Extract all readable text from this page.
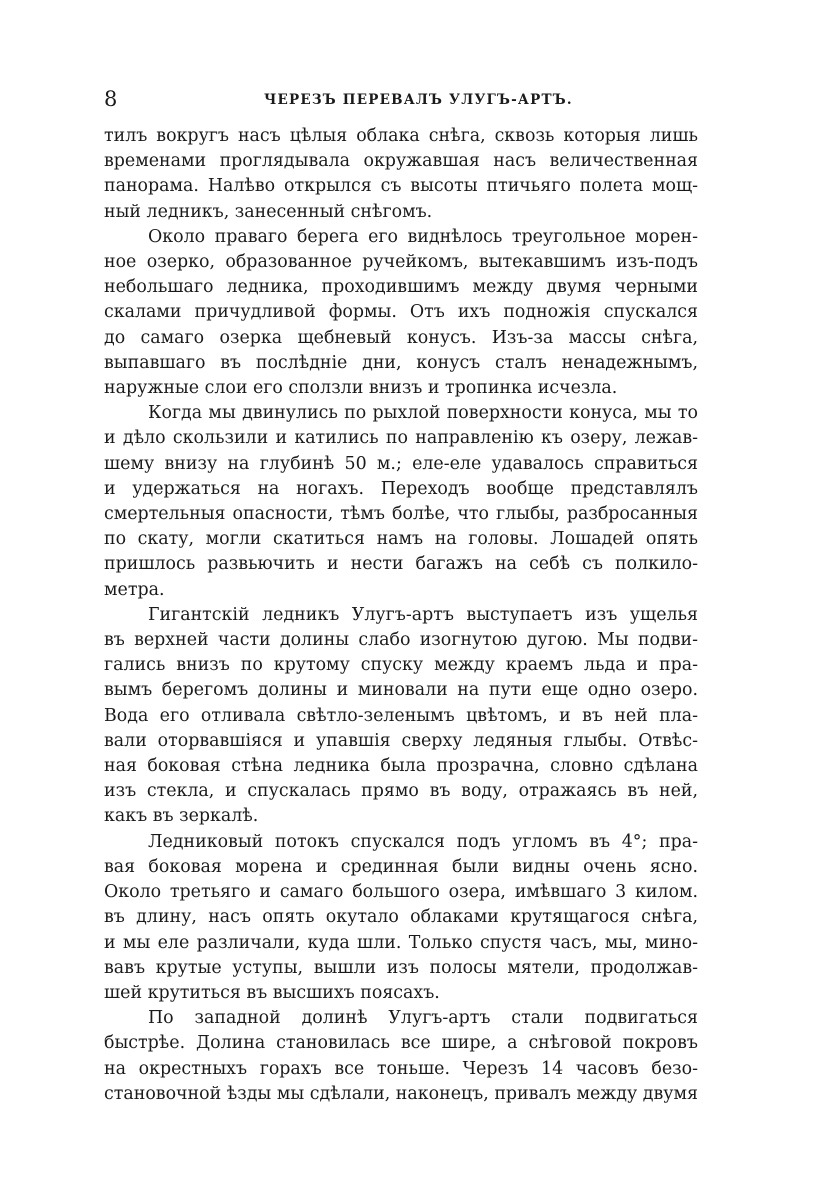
8	ЧЕРЕЗЪ ПЕРЕВАЛЪ УЛУГЪ-АРТЪ.
тилъ вокругъ насъ цѣлыя облака снѣга, сквозь которыя лишь
временами проглядывала окружавшая насъ величественная
панорама. Налѣво открылся съ высоты птичьяго полета мощ-
ный ледникъ, занесенный снѣгомъ.
Около праваго берега его виднѣлось треугольное морен-
ное озерко, образованное ручейкомъ, вытекавшимъ изъ-подъ
небольшаго ледника, проходившимъ между двумя черными
скалами причудливой формы. Отъ ихъ подножія спускался
до самаго озерка щебневый конусъ. Изъ-за массы снѣга,
выпавшаго въ послѣдніе дни, конусъ сталъ ненадежнымъ,
наружные слои его сползли внизъ и тропинка исчезла.
Когда мы двинулись по рыхлой поверхности конуса, мы то
и дѣло скользили и катились по направленію къ озеру, лежав-
шему внизу на глубинѣ 50 м.; еле-еле удавалось справиться
и удержаться на ногахъ. Переходъ вообще представлялъ
смертельныя опасности, тѣмъ болѣе, что глыбы, разбросанныя
по скату, могли скатиться намъ на головы. Лошадей опять
пришлось развьючить и нести багажъ на себѣ съ полкило-
метра.
Гигантскій ледникъ Улугъ-артъ выступаетъ изъ ущелья
въ верхней части долины слабо изогнутою дугою. Мы подви-
гались внизъ по крутому спуску между краемъ льда и пра-
вымъ берегомъ долины и миновали на пути еще одно озеро.
Вода его отливала свѣтло-зеленымъ цвѣтомъ, и въ ней пла-
вали оторвавшіяся и упавшія сверху ледяныя глыбы. Отвѣс-
ная боковая стѣна ледника была прозрачна, словно сдѣлана
изъ стекла, и спускалась прямо въ воду, отражаясь въ ней,
какъ въ зеркалѣ.
Ледниковый потокъ спускался подъ угломъ въ 4°; пра-
вая боковая морена и срединная были видны очень ясно.
Около третьяго и самаго большого озера, имѣвшаго 3 килом.
въ длину, насъ опять окутало облаками крутящагося снѣга,
и мы еле различали, куда шли. Только спустя часъ, мы, мино-
вавъ крутые уступы, вышли изъ полосы мятели, продолжав-
шей крутиться въ высшихъ поясахъ.
По западной долинѣ Улугъ-артъ стали подвигаться
быстрѣе. Долина становилась все шире, а снѣговой покровъ
на окрестныхъ горахъ все тоньше. Черезъ 14 часовъ безо-
становочной ѣзды мы сдѣлали, наконецъ, привалъ между двумя
